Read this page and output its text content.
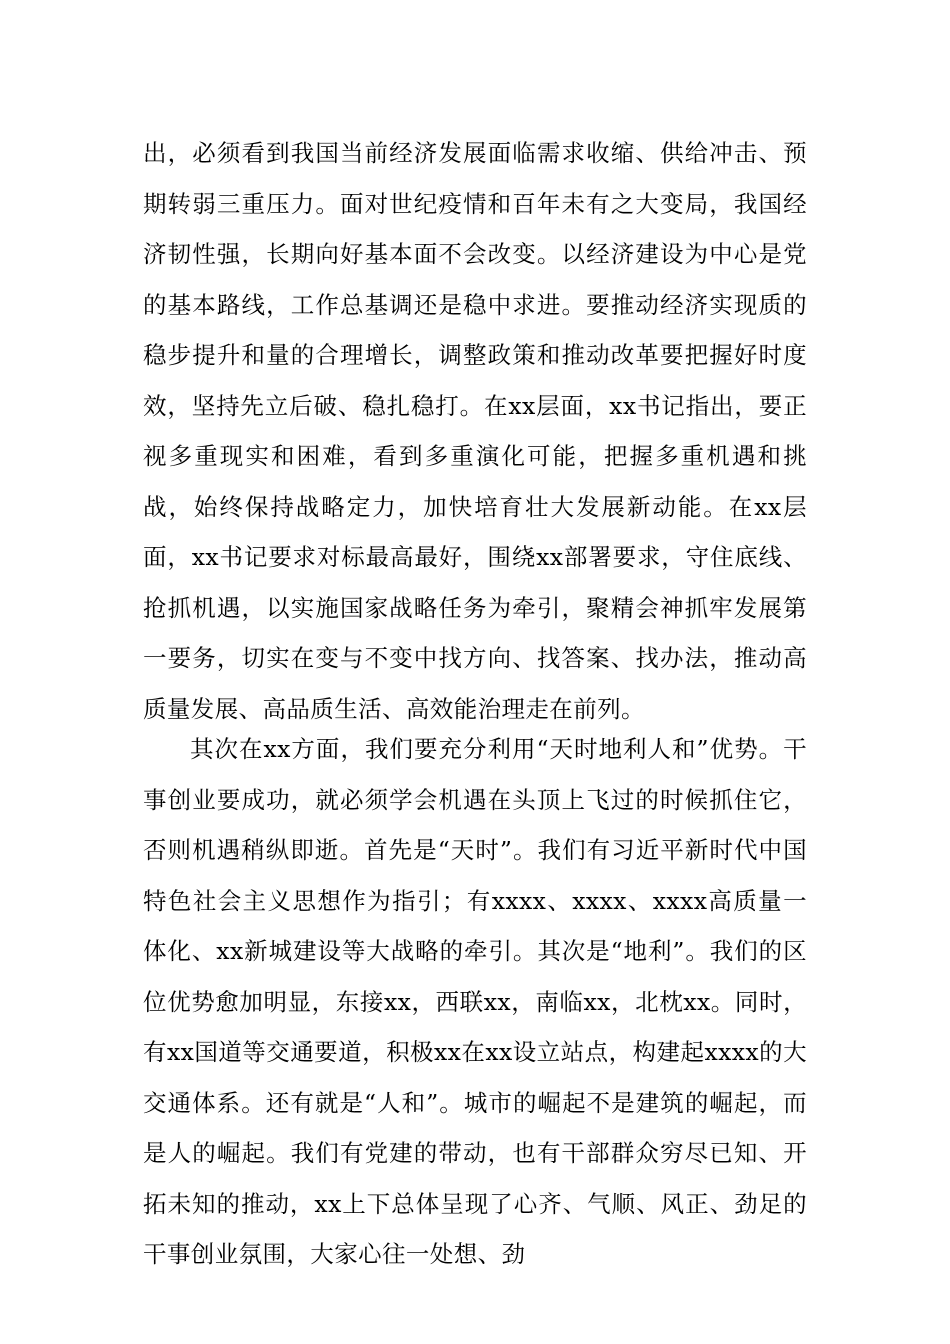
出，必须看到我国当前经济发展面临需求收缩、供给冲击、预期转弱三重压力。面对世纪疫情和百年未有之大变局，我国经济韧性强，长期向好基本面不会改变。以经济建设为中心是党的基本路线，工作总基调还是稳中求进。要推动经济实现质的稳步提升和量的合理增长，调整政策和推动改革要把握好时度效，坚持先立后破、稳扎稳打。在xx层面，xx书记指出，要正视多重现实和困难，看到多重演化可能，把握多重机遇和挑战，始终保持战略定力，加快培育壮大发展新动能。在xx层面，xx书记要求对标最高最好，围绕xx部署要求，守住底线、抢抓机遇，以实施国家战略任务为牵引，聚精会神抓牢发展第一要务，切实在变与不变中找方向、找答案、找办法，推动高质量发展、高品质生活、高效能治理走在前列。

其次在xx方面，我们要充分利用“天时地利人和”优势。干事创业要成功，就必须学会机遇在头顶上飞过的时候抓住它，否则机遇稍纵即逝。首先是“天时”。我们有习近平新时代中国特色社会主义思想作为指引；有xxxx、xxxx、xxxx高质量一体化、xx新城建设等大战略的牵引。其次是“地利”。我们的区位优势愈加明显，东接xx，西联xx，南临xx，北枕xx。同时，有xx国道等交通要道，积极xx在xx设立站点，构建起xxxx的大交通体系。还有就是“人和”。城市的崛起不是建筑的崛起，而是人的崛起。我们有党建的带动，也有干部群众穷尽已知、开拓未知的推动，xx上下总体呈现了心齐、气顺、风正、劲足的干事创业氛围，大家心往一处想、劲
